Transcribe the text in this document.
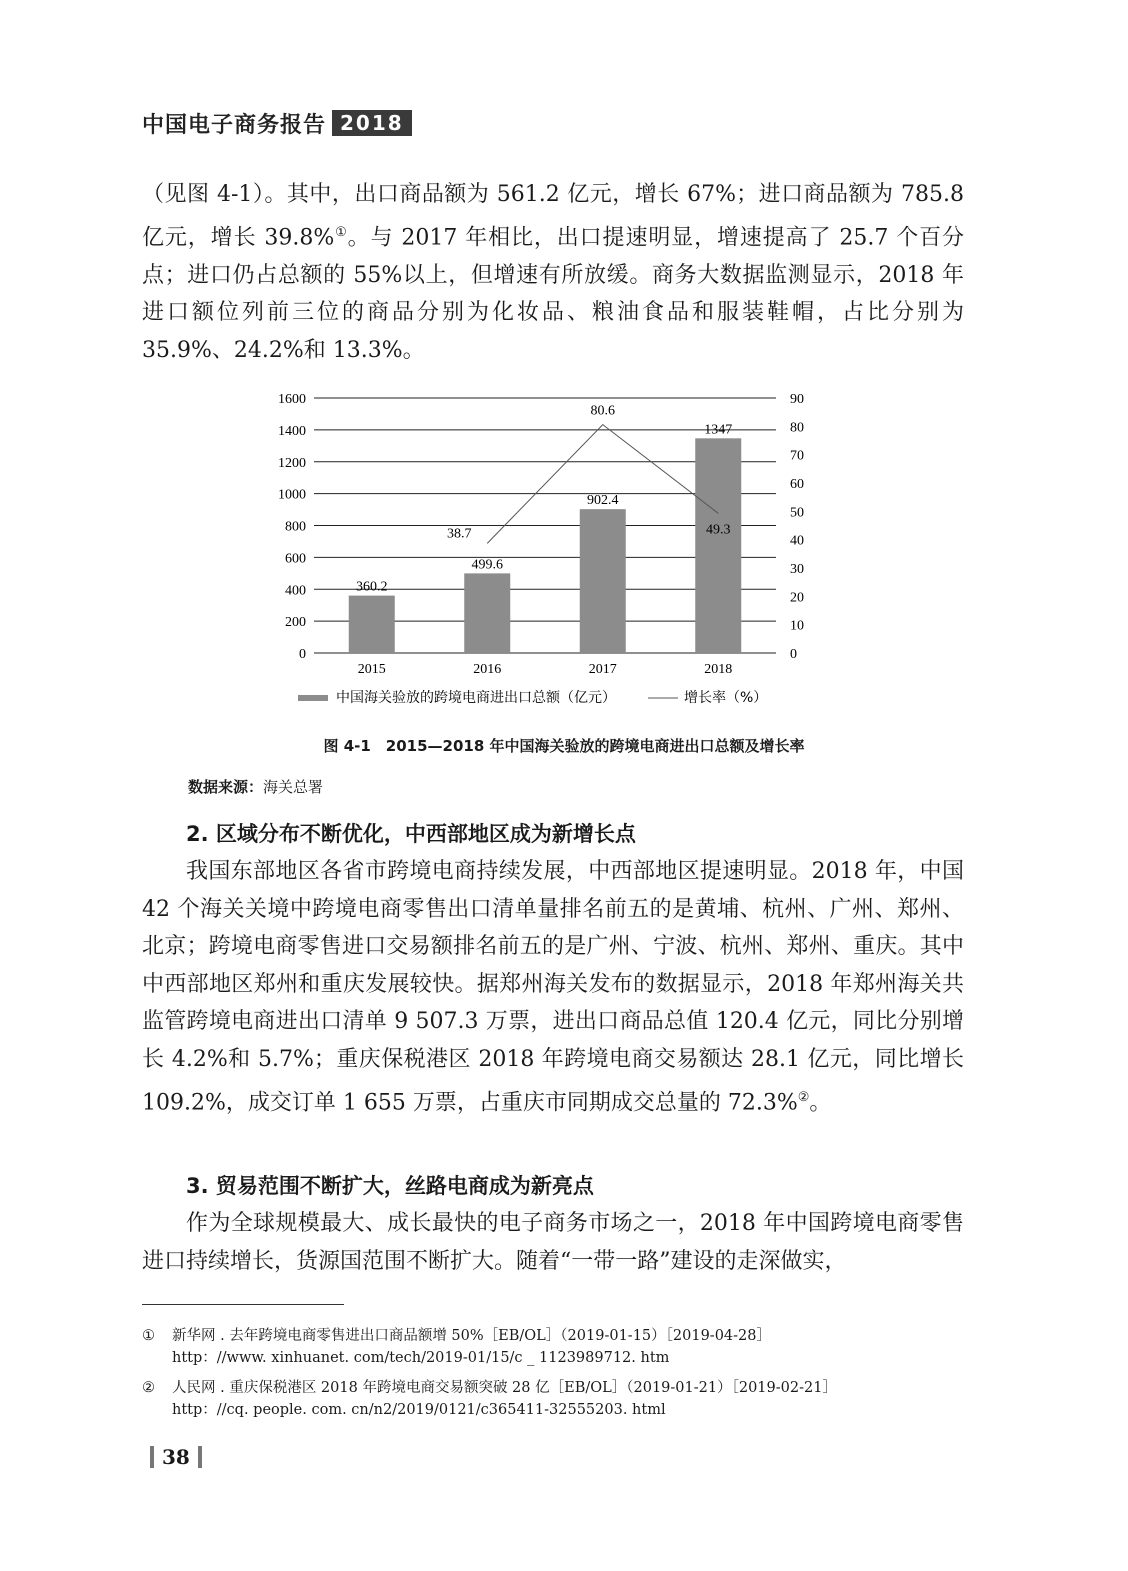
中国电子商务报告 2018

（见图 4-1）。其中，出口商品额为 561.2 亿元，增长 67%；进口商品额为 785.8 亿元，增长 39.8%①。与 2017 年相比，出口提速明显，增速提高了 25.7 个百分点；进口仍占总额的 55%以上，但增速有所放缓。商务大数据监测显示，2018 年进口额位列前三位的商品分别为化妆品、粮油食品和服装鞋帽，占比分别为 35.9%、24.2%和 13.3%。

0
200
400
600
800
1000
1200
1400
1600
0
10
20
30
40
50
60
70
80
90
360.2
499.6
902.4
1347
2015	2016	2017	2018
38.7
80.6
49.3
中国海关验放的跨境电商进出口总额（亿元）	增长率（%）
图 4-1　2015—2018 年中国海关验放的跨境电商进出口总额及增长率
数据来源：海关总署
2. 区域分布不断优化，中西部地区成为新增长点

我国东部地区各省市跨境电商持续发展，中西部地区提速明显。2018 年，中国 42 个海关关境中跨境电商零售出口清单量排名前五的是黄埔、杭州、广州、郑州、北京；跨境电商零售进口交易额排名前五的是广州、宁波、杭州、郑州、重庆。其中中西部地区郑州和重庆发展较快。据郑州海关发布的数据显示，2018 年郑州海关共监管跨境电商进出口清单 9 507.3 万票，进出口商品总值 120.4 亿元，同比分别增长 4.2%和 5.7%；重庆保税港区 2018 年跨境电商交易额达 28.1 亿元，同比增长 109.2%，成交订单 1 655 万票，占重庆市同期成交总量的 72.3%②。

3. 贸易范围不断扩大，丝路电商成为新亮点

作为全球规模最大、成长最快的电子商务市场之一，2018 年中国跨境电商零售进口持续增长，货源国范围不断扩大。随着“一带一路”建设的走深做实，

① 新华网 . 去年跨境电商零售进出口商品额增 50%［EB/OL］（2019-01-15）［2019-04-28］
http：//www. xinhuanet. com/tech/2019-01/15/c _ 1123989712. htm
② 人民网 . 重庆保税港区 2018 年跨境电商交易额突破 28 亿［EB/OL］（2019-01-21）［2019-02-21］
http：//cq. people. com. cn/n2/2019/0121/c365411-32555203. html
38
